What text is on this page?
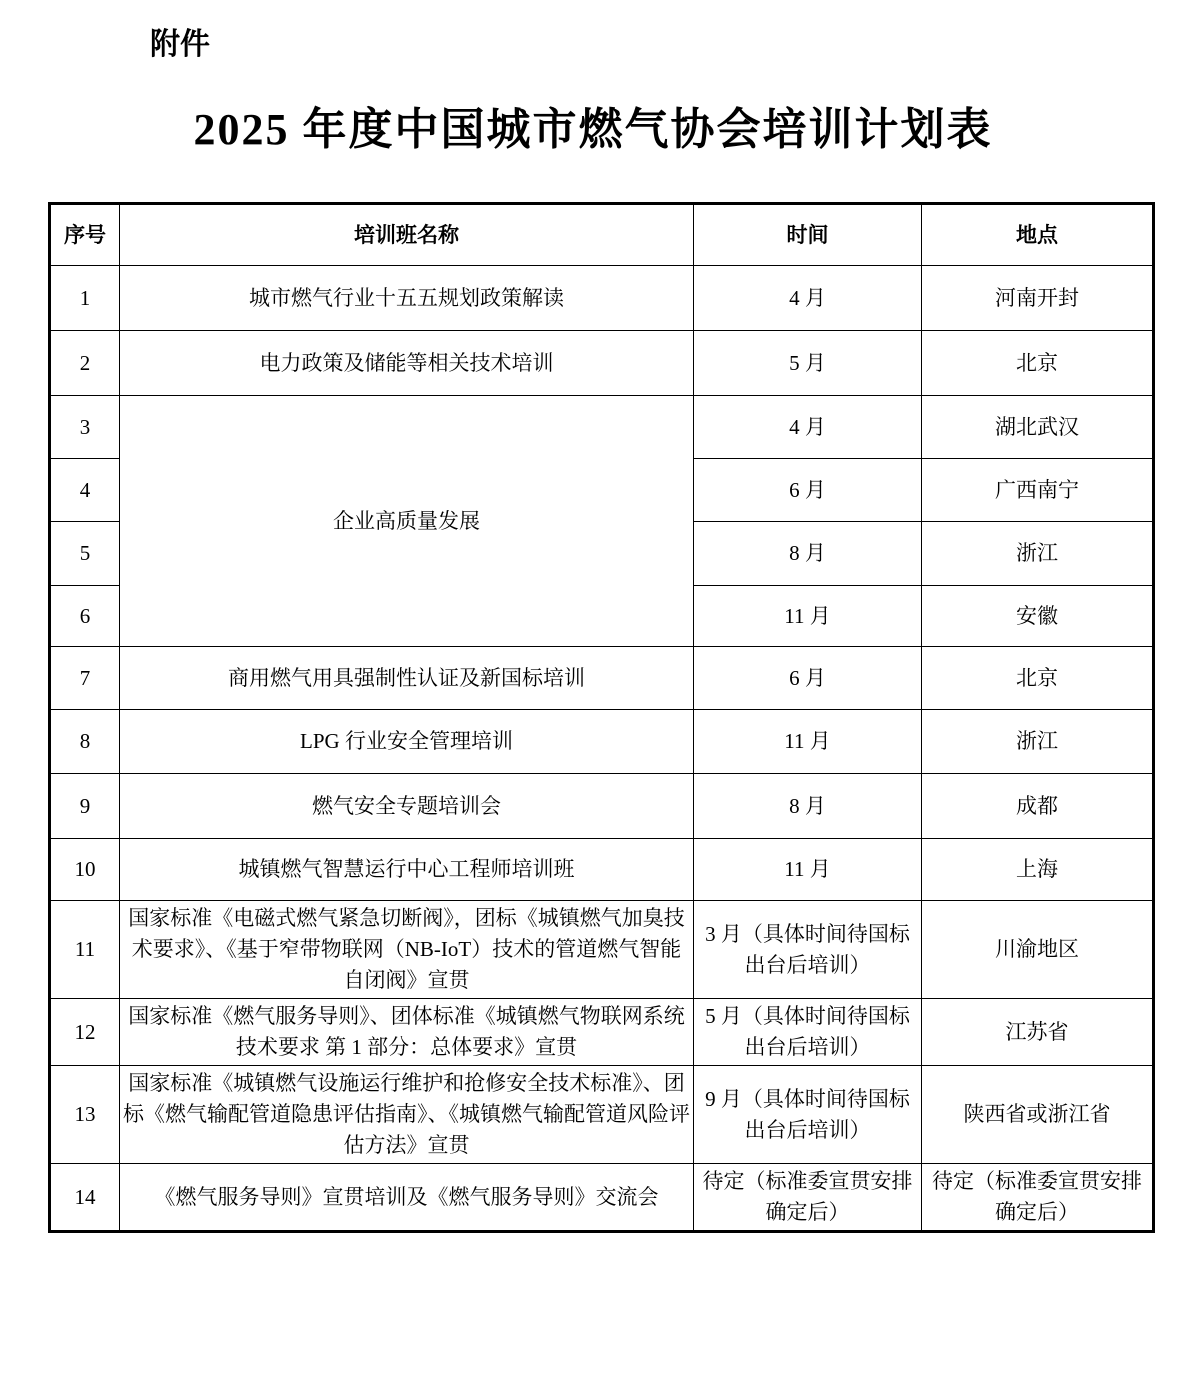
附件
2025 年度中国城市燃气协会培训计划表
序号	培训班名称	时间	地点
1	城市燃气行业十五五规划政策解读	4 月	河南开封
2	电力政策及储能等相关技术培训	5 月	北京
3	企业高质量发展	4 月	湖北武汉
4		6 月	广西南宁
5		8 月	浙江
6		11 月	安徽
7	商用燃气用具强制性认证及新国标培训	6 月	北京
8	LPG 行业安全管理培训	11 月	浙江
9	燃气安全专题培训会	8 月	成都
10	城镇燃气智慧运行中心工程师培训班	11 月	上海
11	国家标准《电磁式燃气紧急切断阀》，团标《城镇燃气加臭技术要求》、《基于窄带物联网（NB-IoT）技术的管道燃气智能自闭阀》宣贯	3 月（具体时间待国标出台后培训）	川渝地区
12	国家标准《燃气服务导则》、团体标准《城镇燃气物联网系统技术要求 第 1 部分：总体要求》宣贯	5 月（具体时间待国标出台后培训）	江苏省
13	国家标准《城镇燃气设施运行维护和抢修安全技术标准》、团标《燃气输配管道隐患评估指南》、《城镇燃气输配管道风险评估方法》宣贯	9 月（具体时间待国标出台后培训）	陕西省或浙江省
14	《燃气服务导则》宣贯培训及《燃气服务导则》交流会	待定（标准委宣贯安排确定后）	待定（标准委宣贯安排确定后）
